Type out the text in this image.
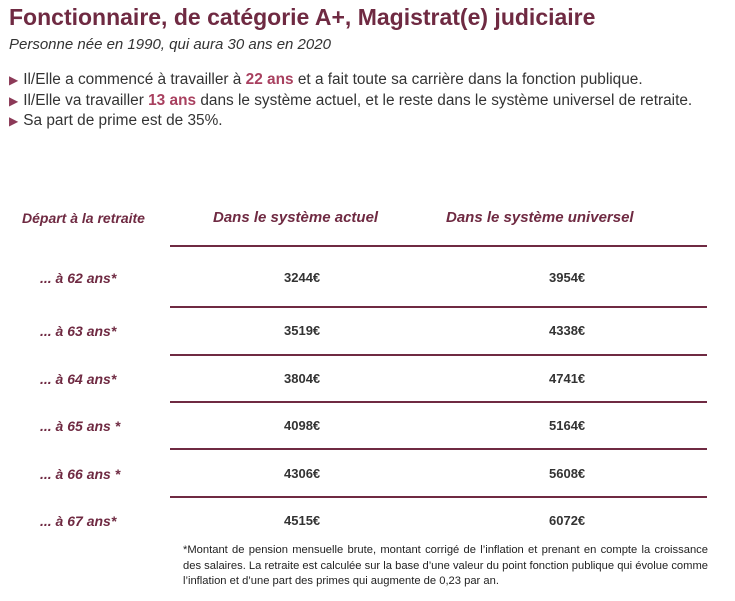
Fonctionnaire, de catégorie A+, Magistrat(e) judiciaire
Personne née en 1990, qui aura 30 ans en 2020
▶ Il/Elle a commencé à travailler à 22 ans et a fait toute sa carrière dans la fonction publique.
▶ Il/Elle va travailler 13 ans dans le système actuel, et le reste dans le système universel de retraite.
▶ Sa part de prime est de 35%.
Départ à la retraite	Dans le système actuel	Dans le système universel
... à 62 ans*	3244€	3954€
... à 63 ans*	3519€	4338€
... à 64 ans*	3804€	4741€
... à 65 ans *	4098€	5164€
... à 66 ans *	4306€	5608€
... à 67 ans*	4515€	6072€
*Montant de pension mensuelle brute, montant corrigé de l’inflation et prenant en compte la croissance des salaires. La retraite est calculée sur la base d’une valeur du point fonction publique qui évolue comme l’inflation et d’une part des primes qui augmente de 0,23 par an.
